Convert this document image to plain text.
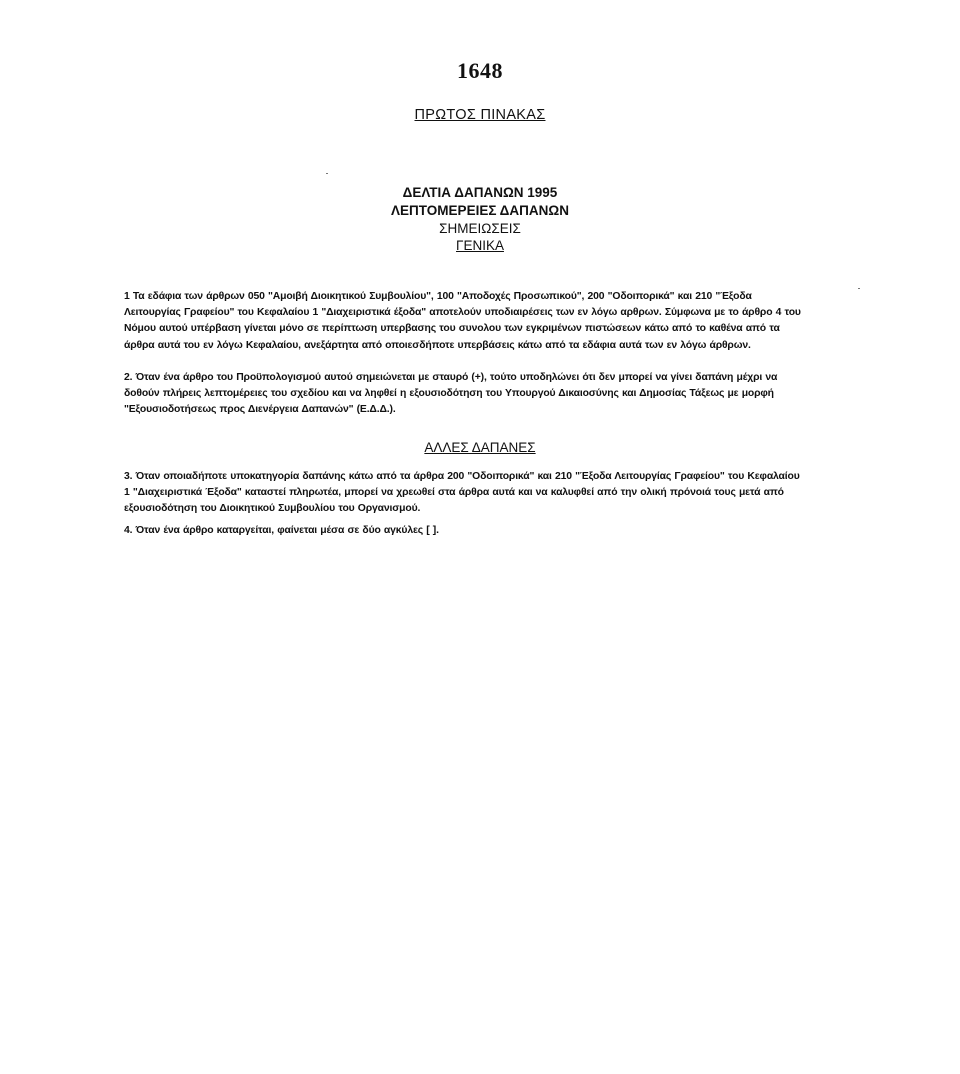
1648
ΠΡΩΤΟΣ ΠΙΝΑΚΑΣ
ΔΕΛΤΙΑ ΔΑΠΑΝΩΝ 1995
ΛΕΠΤΟΜΕΡΕΙΕΣ ΔΑΠΑΝΩΝ
ΣΗΜΕΙΩΣΕΙΣ
ΓΕΝΙΚΑ

1 Τα εδάφια των άρθρων 050 "Αμοιβή Διοικητικού Συμβουλίου", 100 "Αποδοχές Προσωπικού", 200 "Οδοιπορικά" και 210 "Έξοδα Λειτουργίας Γραφείου" του Κεφαλαίου 1 "Διαχειριστικά έξοδα" αποτελούν υποδιαιρέσεις των εν λόγω αρθρων. Σύμφωνα με το άρθρο 4 του Νόμου αυτού υπέρβαση γίνεται μόνο σε περίπτωση υπερβασης του συνολου των εγκριμένων πιστώσεων κάτω από το καθένα από τα άρθρα αυτά του εν λόγω Κεφαλαίου, ανεξάρτητα από οποιεσδήποτε υπερβάσεις κάτω από τα εδάφια αυτά των εν λόγω άρθρων.

2. Όταν ένα άρθρο του Προϋπολογισμού αυτού σημειώνεται με σταυρό (+), τούτο υποδηλώνει ότι δεν μπορεί να γίνει δαπάνη μέχρι να δοθούν πλήρεις λεπτομέρειες του σχεδίου και να ληφθεί η εξουσιοδότηση του Υπουργού Δικαιοσύνης και Δημοσίας Τάξεως με μορφή "Εξουσιοδοτήσεως προς Διενέργεια Δαπανών" (Ε.Δ.Δ.).

ΑΛΛΕΣ ΔΑΠΑΝΕΣ

3. Όταν οποιαδήποτε υποκατηγορία δαπάνης κάτω από τα άρθρα 200 "Οδοιπορικά" και 210 "Έξοδα Λειτουργίας Γραφείου" του Κεφαλαίου 1 "Διαχειριστικά Έξοδα" καταστεί πληρωτέα, μπορεί να χρεωθεί στα άρθρα αυτά και να καλυφθεί από την ολική πρόνοιά τους μετά από εξουσιοδότηση του Διοικητικού Συμβουλίου του Οργανισμού.

4. Όταν ένα άρθρο καταργείται, φαίνεται μέσα σε δύο αγκύλες [ ].
